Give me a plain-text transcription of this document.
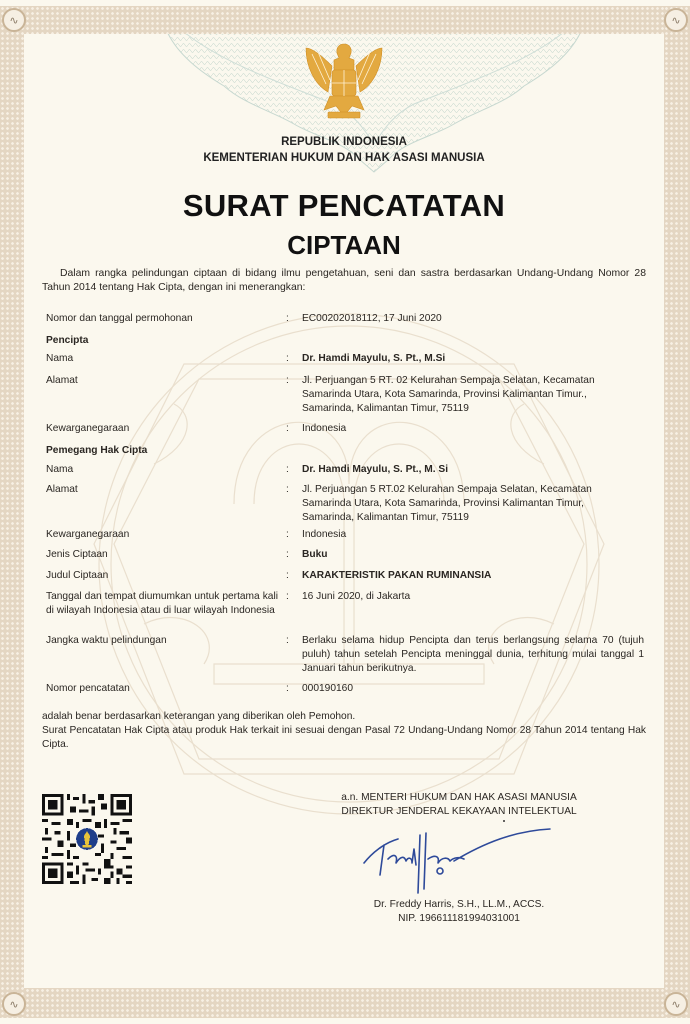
∿	∿
∿	∿
REPUBLIK INDONESIA
KEMENTERIAN HUKUM DAN HAK ASASI MANUSIA
SURAT PENCATATAN
CIPTAAN
Dalam rangka pelindungan ciptaan di bidang ilmu pengetahuan, seni dan sastra berdasarkan Undang-Undang Nomor 28 Tahun 2014 tentang Hak Cipta, dengan ini menerangkan:
Nomor dan tanggal permohonan	:	EC00202018112, 17 Juni 2020
Pencipta
Nama	:	Dr. Hamdi Mayulu, S. Pt., M.Si
Alamat	:	Jl. Perjuangan 5 RT. 02 Kelurahan Sempaja Selatan, Kecamatan Samarinda Utara, Kota Samarinda, Provinsi Kalimantan Timur., Samarinda, Kalimantan Timur, 75119
Kewarganegaraan	:	Indonesia
Pemegang Hak Cipta
Nama	:	Dr. Hamdi Mayulu, S. Pt., M. Si
Alamat	:	Jl. Perjuangan 5 RT.02 Kelurahan Sempaja Selatan, Kecamatan Samarinda Utara, Kota Samarinda, Provinsi Kalimantan Timur, Samarinda, Kalimantan Timur, 75119
Kewarganegaraan	:	Indonesia
Jenis Ciptaan	:	Buku
Judul Ciptaan	:	KARAKTERISTIK PAKAN RUMINANSIA
Tanggal dan tempat diumumkan untuk pertama kali di wilayah Indonesia atau di luar wilayah Indonesia
:	16 Juni 2020, di Jakarta
Jangka waktu pelindungan	:	Berlaku selama hidup Pencipta dan terus berlangsung selama 70 (tujuh puluh) tahun setelah Pencipta meninggal dunia, terhitung mulai tanggal 1 Januari tahun berikutnya.
Nomor pencatatan	:	000190160
adalah benar berdasarkan keterangan yang diberikan oleh Pemohon.
Surat Pencatatan Hak Cipta atau produk Hak terkait ini sesuai dengan Pasal 72 Undang-Undang Nomor 28 Tahun 2014 tentang Hak Cipta.
a.n. MENTERI HUKUM DAN HAK ASASI MANUSIA
DIREKTUR JENDERAL KEKAYAAN INTELEKTUAL
Dr. Freddy Harris, S.H., LL.M., ACCS.
NIP. 196611181994031001
